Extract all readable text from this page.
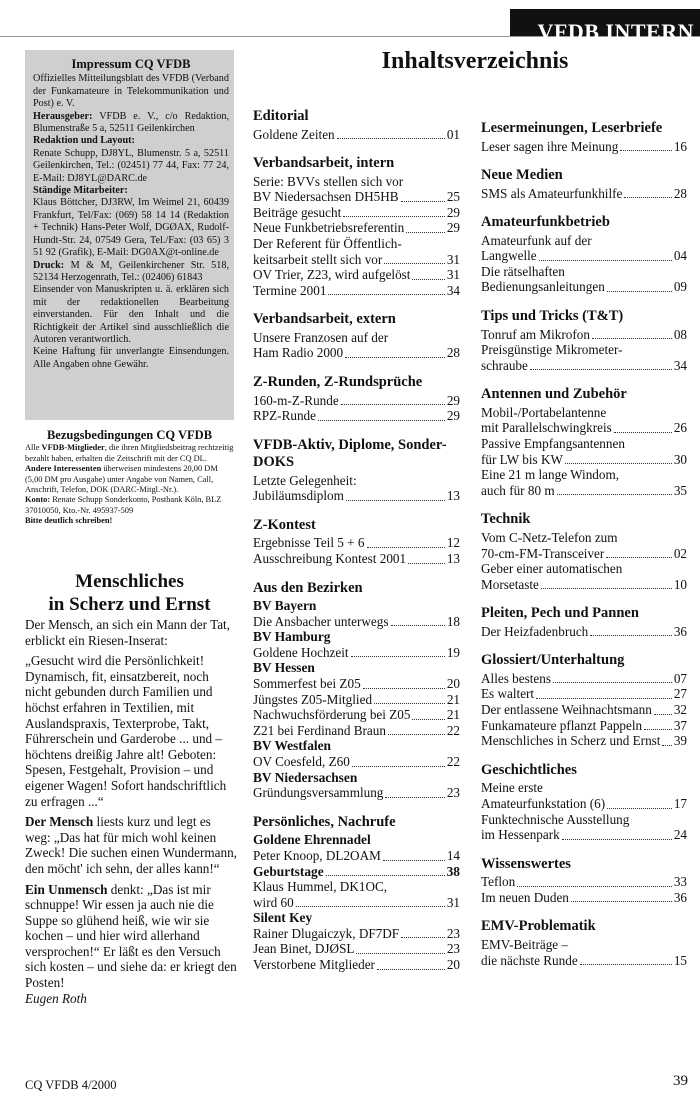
VFDB INTERN
Impressum CQ VFDB

Offizielles Mitteilungsblatt des VFDB (Verband der Funkamateure in Telekommunikation und Post) e. V.

Herausgeber: VFDB e. V., c/o Redaktion, Blumenstraße 5 a, 52511 Geilenkirchen

Redaktion und Layout:
Renate Schupp, DJ8YL, Blumenstr. 5 a, 52511 Geilenkirchen, Tel.: (02451) 77 44, Fax: 77 24, E-Mail: DJ8YL@DARC.de

Ständige Mitarbeiter:
Klaus Böttcher, DJ3RW, Im Weimel 21, 60439 Frankfurt, Tel/Fax: (069) 58 14 14 (Redaktion + Technik) Hans-Peter Wolf, DGØAX, Rudolf-Hundt-Str. 24, 07549 Gera, Tel./Fax: (03 65) 3 51 92 (Grafik), E-Mail: DG0AX@t-online.de

Druck: M & M, Geilenkirchener Str. 518, 52134 Herzogenrath, Tel.: (02406) 61843

Einsender von Manuskripten u. ä. erklären sich mit der redaktionellen Bearbeitung einverstanden. Für den Inhalt und die Richtigkeit der Artikel sind ausschließlich die Autoren verantwortlich.

Keine Haftung für unverlangte Einsendungen. Alle Angaben ohne Gewähr.

Bezugsbedingungen CQ VFDB
Alle VFDB-Mitglieder, die ihren Mitgliedsbeitrag rechtzeitig bezahlt haben, erhalten die Zeitschrift mit der CQ DL.
Andere Interessenten überweisen mindestens 20,00 DM (5,00 DM pro Ausgabe) unter Angabe von Namen, Call, Anschrift, Telefon, DOK (DARC-Mitgl.-Nr.).
Konto: Renate Schupp Sonderkonto, Postbank Köln, BLZ 37010050, Kto.-Nr. 495937-509
Bitte deutlich schreiben!
Menschliches
in Scherz und Ernst

Der Mensch, an sich ein Mann der Tat, erblickt ein Riesen-Inserat:

„Gesucht wird die Persönlichkeit! Dynamisch, fit, einsatzbereit, noch nicht gebunden durch Familien und höchst erfahren in Textilien, mit Auslandspraxis, Texterprobe, Takt, Führerschein und Garderobe ... und – höchtens dreißig Jahre alt! Geboten: Spesen, Festgehalt, Provision – und eigener Wagen! Sofort handschriftlich zu erfragen ...“

Der Mensch liests kurz und legt es weg: „Das hat für mich wohl keinen Zweck! Die suchen einen Wundermann, den möcht' ich sehn, der alles kann!“

Ein Unmensch denkt: „Das ist mir schnuppe! Wir essen ja auch nie die Suppe so glühend heiß, wie wir sie kochen – und hier wird allerhand versprochen!“ Er läßt es den Versuch sich kosten – und siehe da: er kriegt den Posten!

Eugen Roth

Inhaltsverzeichnis
Editorial
Goldene Zeiten	01
Verbandsarbeit, intern
Serie: BVVs stellen sich vor
BV Niedersachsen DH5HB	25
Beiträge gesucht	29
Neue Funkbetriebsreferentin	29
Der Referent für Öffentlich-
keitsarbeit stellt sich vor	31
OV Trier, Z23, wird aufgelöst	31
Termine 2001	34
Verbandsarbeit, extern
Unsere Franzosen auf der
Ham Radio 2000	28
Z-Runden, Z-Rundsprüche
160-m-Z-Runde	29
RPZ-Runde	29
VFDB-Aktiv, Diplome, Sonder-DOKS
Letzte Gelegenheit:
Jubiläumsdiplom	13
Z-Kontest
Ergebnisse Teil 5 + 6	12
Ausschreibung Kontest 2001	13
Aus den Bezirken
BV Bayern
Die Ansbacher unterwegs	18
BV Hamburg
Goldene Hochzeit	19
BV Hessen
Sommerfest bei Z05	20
Jüngstes Z05-Mitglied	21
Nachwuchsförderung bei Z05	21
Z21 bei Ferdinand Braun	22
BV Westfalen
OV Coesfeld, Z60	22
BV Niedersachsen
Gründungsversammlung	23
Persönliches, Nachrufe
Goldene Ehrennadel
Peter Knoop, DL2OAM	14
Geburtstage	38
Klaus Hummel, DK1OC,
wird 60	31
Silent Key
Rainer Dlugaiczyk, DF7DF	23
Jean Binet, DJØSL	23
Verstorbene Mitglieder	20
Lesermeinungen, Leserbriefe
Leser sagen ihre Meinung	16
Neue Medien
SMS als Amateurfunkhilfe	28
Amateurfunkbetrieb
Amateurfunk auf der
Langwelle	04
Die rätselhaften
Bedienungsanleitungen	09
Tips und Tricks (T&T)
Tonruf am Mikrofon	08
Preisgünstige Mikrometer-
schraube	34
Antennen und Zubehör
Mobil-/Portabelantenne
mit Parallelschwingkreis	26
Passive Empfangsantennen
für LW bis KW	30
Eine 21 m lange Windom,
auch für 80 m	35
Technik
Vom C-Netz-Telefon zum
70-cm-FM-Transceiver	02
Geber einer automatischen
Morsetaste	10
Pleiten, Pech und Pannen
Der Heizfadenbruch	36
Glossiert/Unterhaltung
Alles bestens	07
Es waltert	27
Der entlassene Weihnachtsmann 32
Funkamateure pflanzt Pappeln 37
Menschliches in Scherz und Ernst 39
Geschichtliches
Meine erste
Amateurfunkstation (6)	17
Funktechnische Ausstellung
im Hessenpark	24
Wissenswertes
Teflon	33
Im neuen Duden	36
EMV-Problematik
EMV-Beiträge –
die nächste Runde	15
CQ VFDB 4/2000	39
